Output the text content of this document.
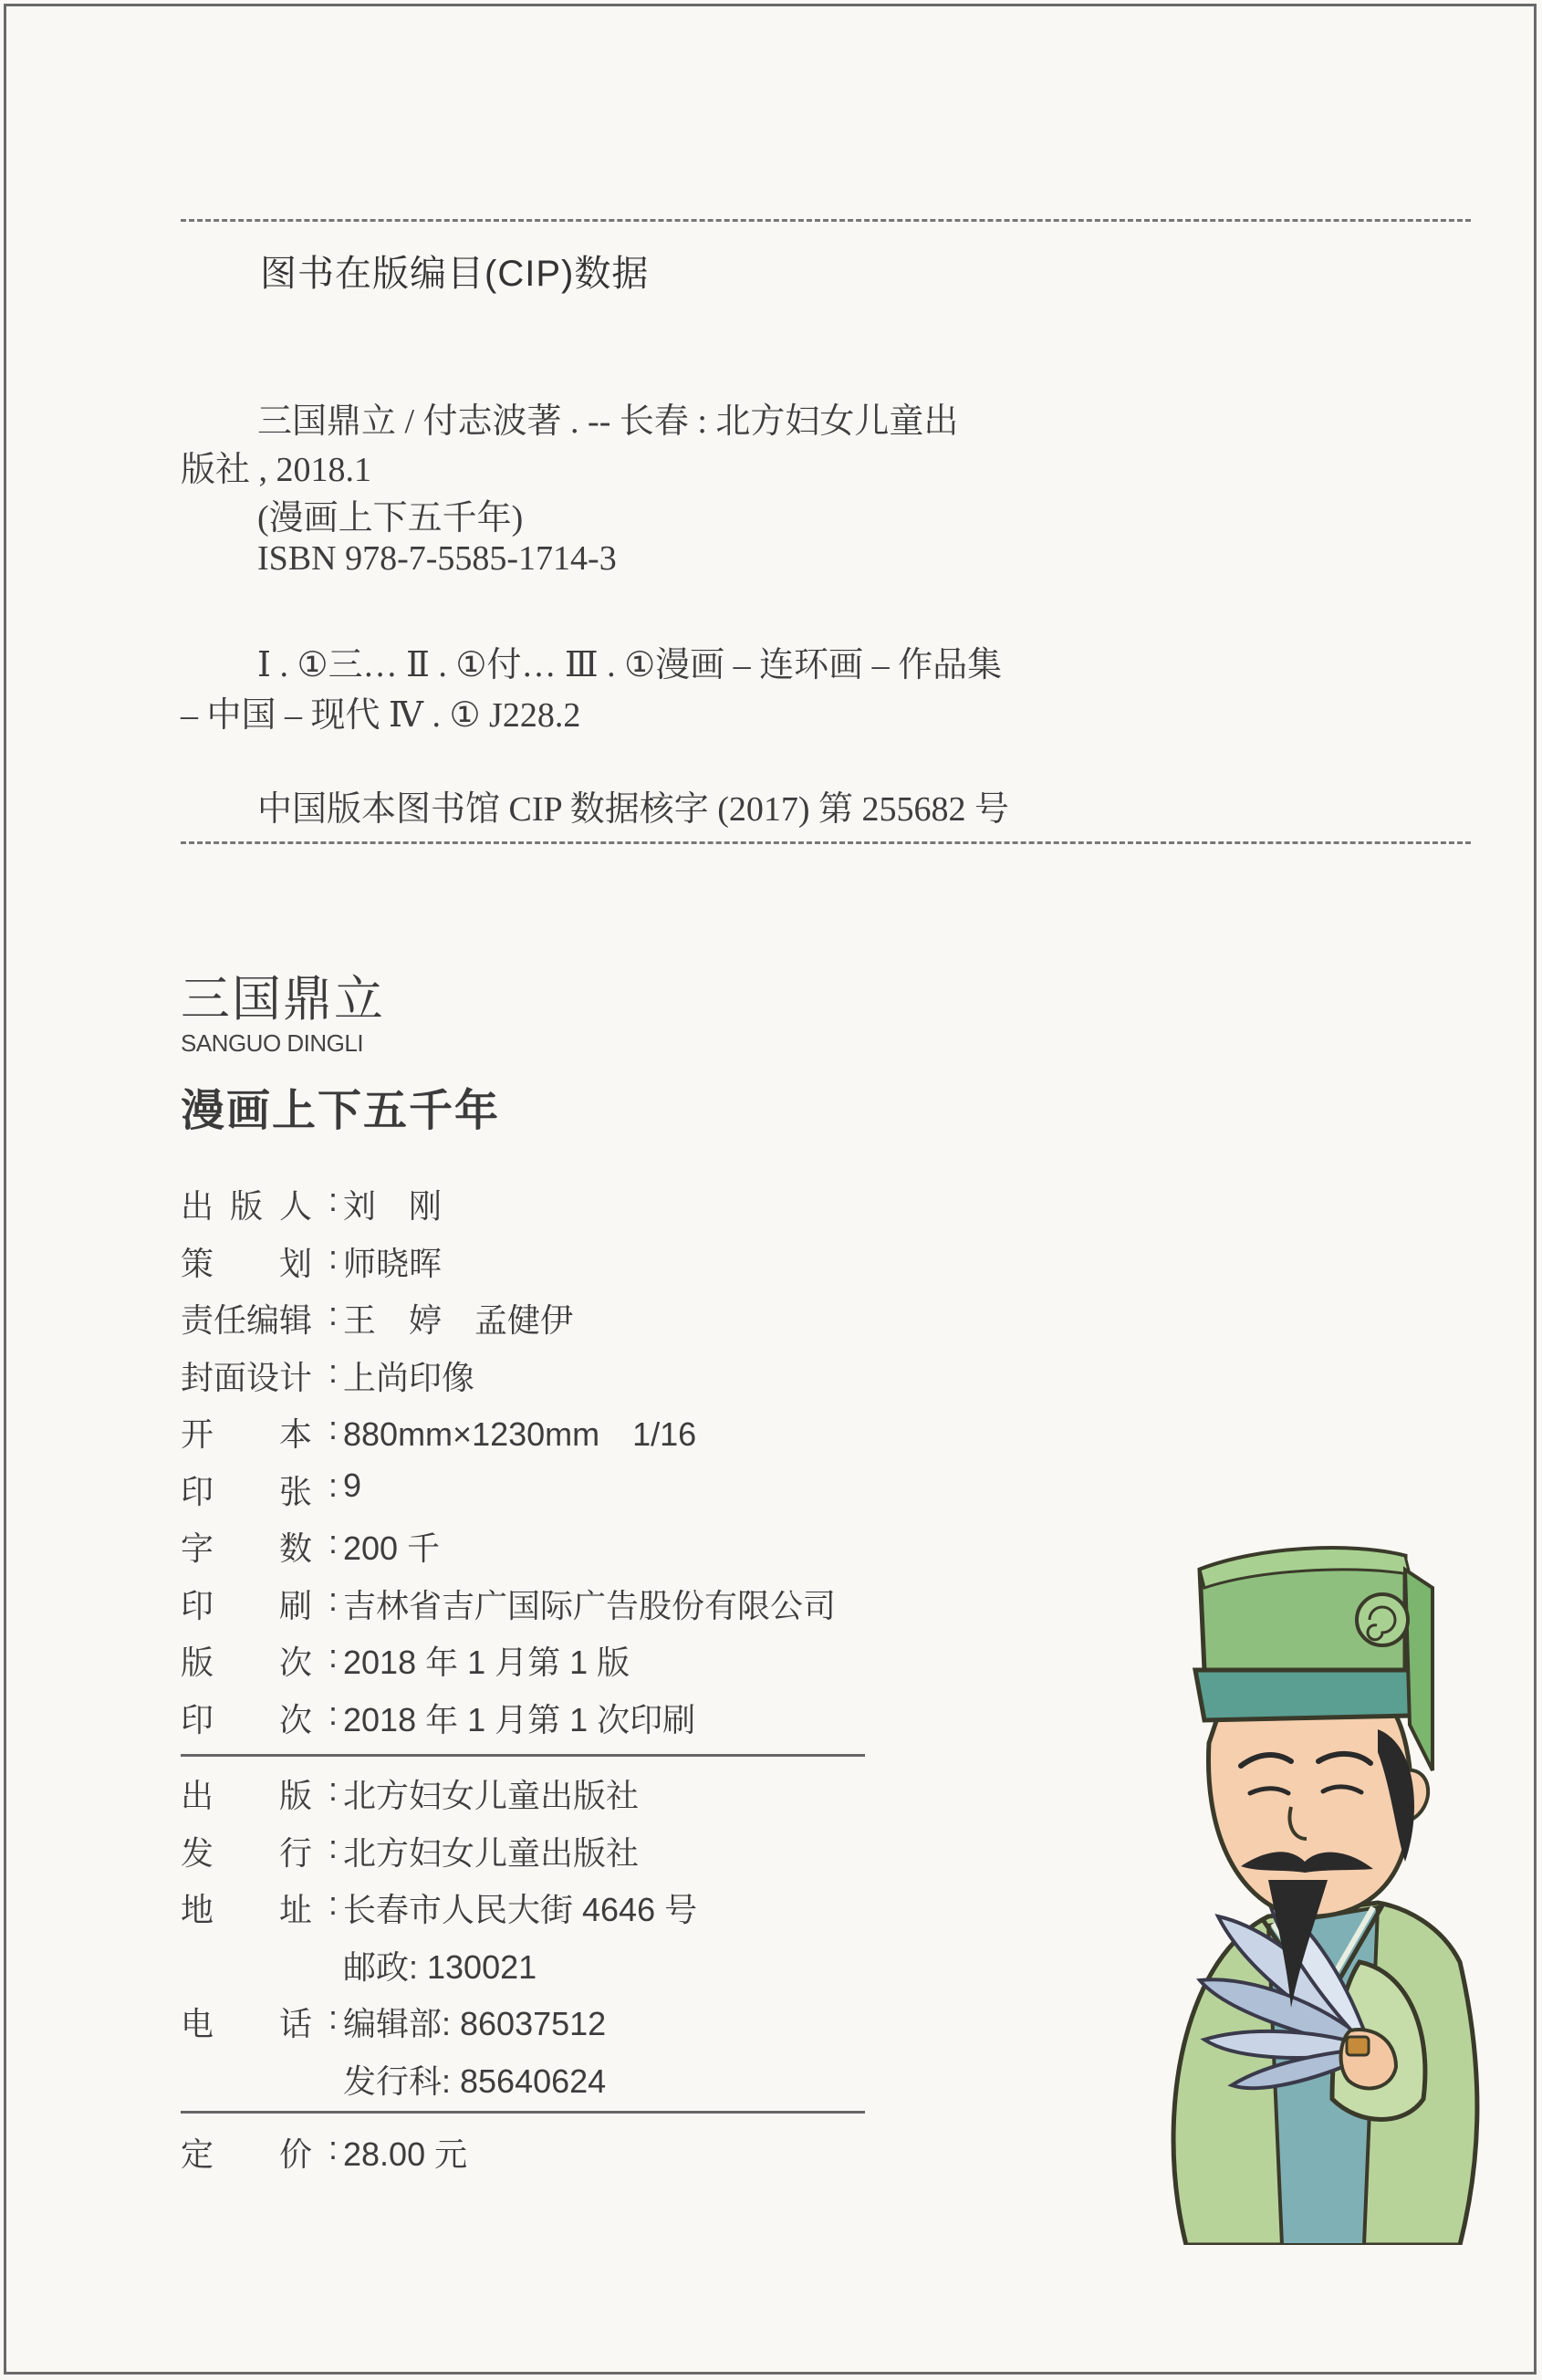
图书在版编目(CIP)数据
三国鼎立 / 付志波著 . -- 长春 : 北方妇女儿童出
版社 , 2018.1
(漫画上下五千年)
ISBN 978-7-5585-1714-3
Ⅰ . ①三… Ⅱ . ①付… Ⅲ . ①漫画 – 连环画 – 作品集
– 中国 – 现代 Ⅳ . ① J228.2
中国版本图书馆 CIP 数据核字 (2017) 第 255682 号
三国鼎立
SANGUO DINGLI
漫画上下五千年
出 版 人 : 刘　刚
策 划 : 师晓晖
责 任 编 辑 : 王　婷　孟健伊
封 面 设 计 : 上尚印像
开 本 : 880mm×1230mm　1/16
印 张 : 9
字 数 : 200 千
印 刷 : 吉林省吉广国际广告股份有限公司
版 次 : 2018 年 1 月第 1 版
印 次 : 2018 年 1 月第 1 次印刷
出 版 : 北方妇女儿童出版社
发 行 : 北方妇女儿童出版社
地 址 : 长春市人民大街 4646 号
邮政: 130021
电 话 : 编辑部: 86037512
发行科: 85640624
定 价 : 28.00 元
